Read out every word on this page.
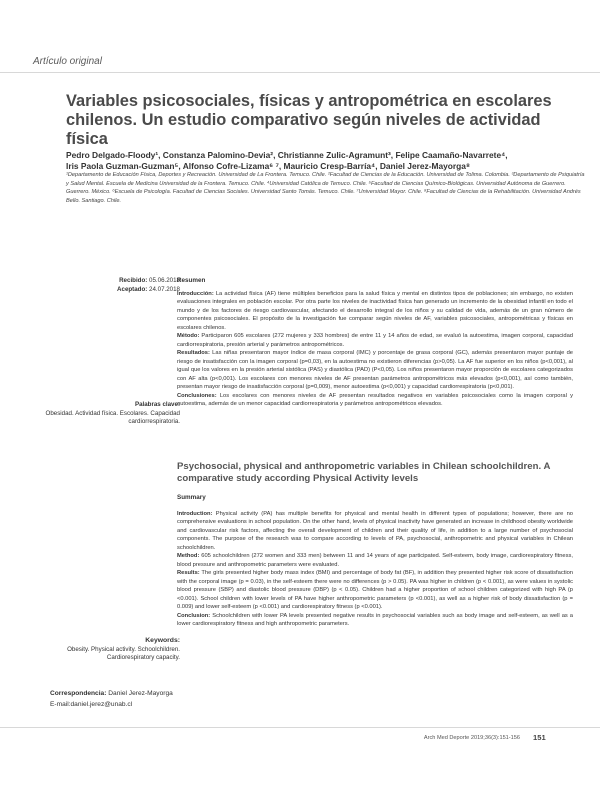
Artículo original
Variables psicosociales, físicas y antropométrica en escolares chilenos. Un estudio comparativo según niveles de actividad física
Pedro Delgado-Floody¹, Constanza Palomino-Devia², Christianne Zulic-Agramunt³, Felipe Caamaño-Navarrete⁴,
Iris Paola Guzman-Guzman⁵, Alfonso Cofre-Lizama⁶ ⁷, Mauricio Cresp-Barría⁴, Daniel Jerez-Mayorga⁸
¹Departamento de Educación Física, Deportes y Recreación. Universidad de La Frontera. Temuco. Chile. ²Facultad de Ciencias de la Educación. Universidad de Tolima. Colombia. ³Departamento de Psiquiatría y Salud Mental. Escuela de Medicina Universidad de la Frontera. Temuco. Chile. ⁴Universidad Católica de Temuco. Chile. ⁵Facultad de Ciencias Químico-Biológicas. Universidad Autónoma de Guerrero. Guerrero. México. ⁶Escuela de Psicología. Facultad de Ciencias Sociales. Universidad Santo Tomás. Temuco. Chile. ⁷Universidad Mayor. Chile. ⁸Facultad de Ciencias de la Rehabilitación. Universidad Andrés Bello. Santiago. Chile.
Recibido: 05.06.2018
Aceptado: 24.07.2018
Palabras clave:
Obesidad. Actividad física. Escolares. Capacidad cardiorrespiratoria.
Resumen

Introducción: La actividad física (AF) tiene múltiples beneficios para la salud física y mental en distintos tipos de poblaciones; sin embargo, no existen evaluaciones integrales en población escolar. Por otra parte los niveles de inactividad física han generado un incremento de la obesidad infantil en todo el mundo y de los factores de riesgo cardiovascular, afectando el desarrollo integral de los niños y su calidad de vida, además de un gran número de componentes psicosociales. El propósito de la investigación fue comparar según niveles de AF, variables psicosociales, antropométricas y físicas en escolares chilenos.

Método: Participaron 605 escolares (272 mujeres y 333 hombres) de entre 11 y 14 años de edad, se evaluó la autoestima, imagen corporal, capacidad cardiorrespiratoria, presión arterial y parámetros antropométricos.

Resultados: Las niñas presentaron mayor índice de masa corporal (IMC) y porcentaje de grasa corporal (GC), además presentaron mayor puntaje de riesgo de insatisfacción con la imagen corporal (p=0,03), en la autoestima no existieron diferencias (p>0,05). La AF fue superior en los niños (p<0,001), al igual que los valores en la presión arterial sistólica (PAS) y diastólica (PAD) (P<0,05). Los niños presentaron mayor proporción de escolares categorizados con AF alta (p<0,001). Los escolares con menores niveles de AF presentan parámetros antropométricos más elevados (p<0,001), así como también, presentan mayor riesgo de insatisfacción corporal (p=0,009), menor autoestima (p<0,001) y capacidad cardiorrespiratoria (p<0,001).

Conclusiones: Los escolares con menores niveles de AF presentan resultados negativos en variables psicosociales como la imagen corporal y autoestima, además de un menor capacidad cardiorrespiratoria y parámetros antropométricos elevados.

Psychosocial, physical and anthropometric variables in Chilean schoolchildren. A comparative study according Physical Activity levels
Summary

Introduction: Physical activity (PA) has multiple benefits for physical and mental health in different types of populations; however, there are no comprehensive evaluations in school population. On the other hand, levels of physical inactivity have generated an increase in childhood obesity worldwide and cardiovascular risk factors, affecting the overall development of children and their quality of life, in addition to a large number of psychosocial components. The purpose of the research was to compare according to levels of PA, psychosocial, anthropometric and physical variables in Chilean schoolchildren.

Method: 605 schoolchildren (272 women and 333 men) between 11 and 14 years of age participated. Self-esteem, body image, cardiorespiratory fitness, blood pressure and anthropometric parameters were evaluated.

Results: The girls presented higher body mass index (BMI) and percentage of body fat (BF), in addition they presented higher risk score of dissatisfaction with the corporal image (p = 0.03), in the self-esteem there were no differences (p > 0.05). PA was higher in children (p < 0.001), as were values in systolic blood pressure (SBP) and diastolic blood pressure (DBP) (p < 0.05). Children had a higher proportion of school children categorized with high PA (p <0.001). School children with lower levels of PA have higher anthropometric parameters (p <0.001), as well as a higher risk of body dissatisfaction (p = 0.009) and lower self-esteem (p <0.001) and cardiorespiratory fitness (p <0.001).

Conclusion: Schoolchildren with lower PA levels presented negative results in psychosocial variables such as body image and self-esteem, as well as a lower cardiorespiratory fitness and high anthropometric parameters.

Keywords:
Obesity. Physical activity. Schoolchildren. Cardiorespiratory capacity.
Correspondencia: Daniel Jerez-Mayorga
E-mail:daniel.jerez@unab.cl
Arch Med Deporte 2019;36(3):151-156 151
